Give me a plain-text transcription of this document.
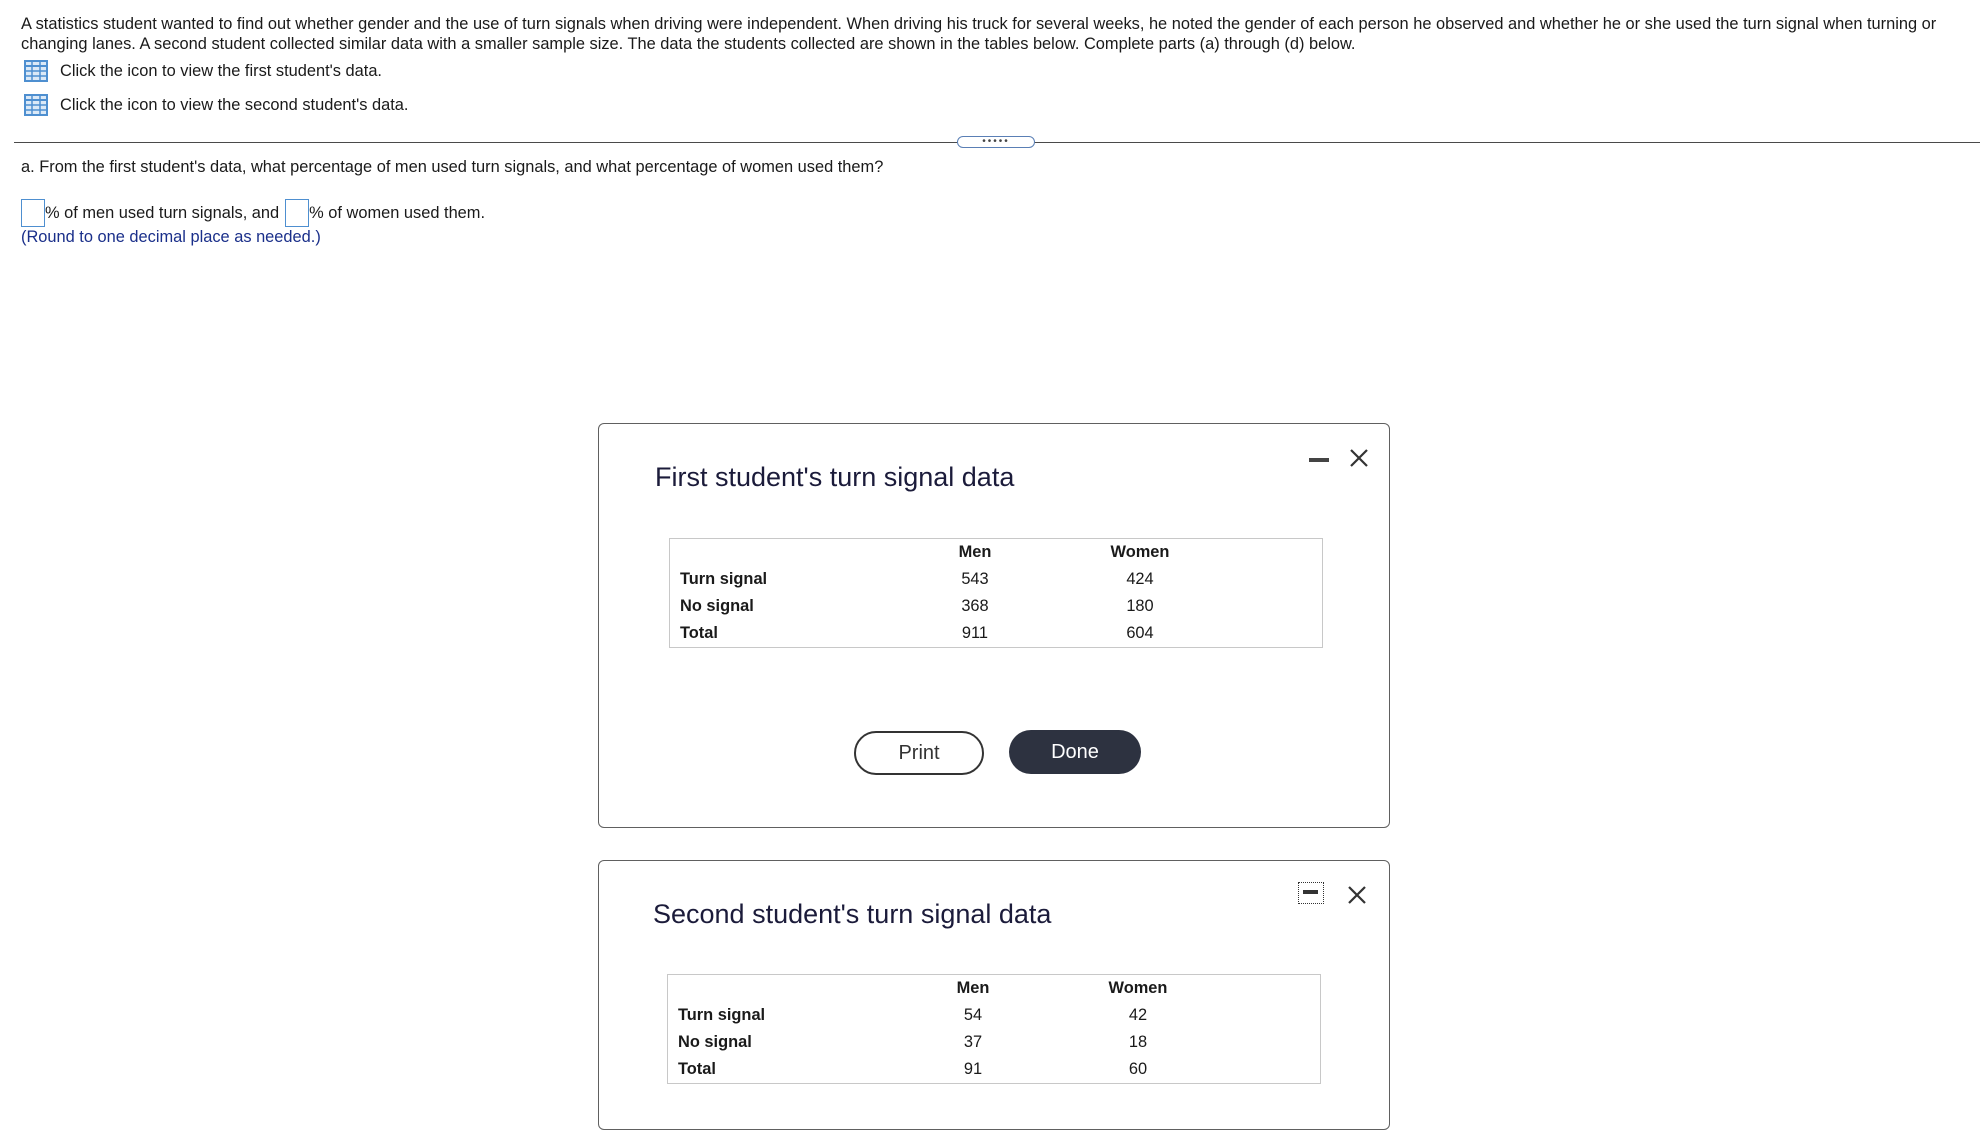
A statistics student wanted to find out whether gender and the use of turn signals when driving were independent. When driving his truck for several weeks, he noted the gender of each person he observed and whether he or she used the turn signal when turning or changing lanes. A second student collected similar data with a smaller sample size. The data the students collected are shown in the tables below. Complete parts (a) through (d) below.
Click the icon to view the first student's data.
Click the icon to view the second student's data.
•••••
a. From the first student's data, what percentage of men used turn signals, and what percentage of women used them?
% of men used turn signals, and % of women used them.
(Round to one decimal place as needed.)
First student's turn signal data
	Men	Women	
Turn signal	543	424	
No signal	368	180	
Total	911	604	
Print	Done
Second student's turn signal data
	Men	Women	
Turn signal	54	42	
No signal	37	18	
Total	91	60	
